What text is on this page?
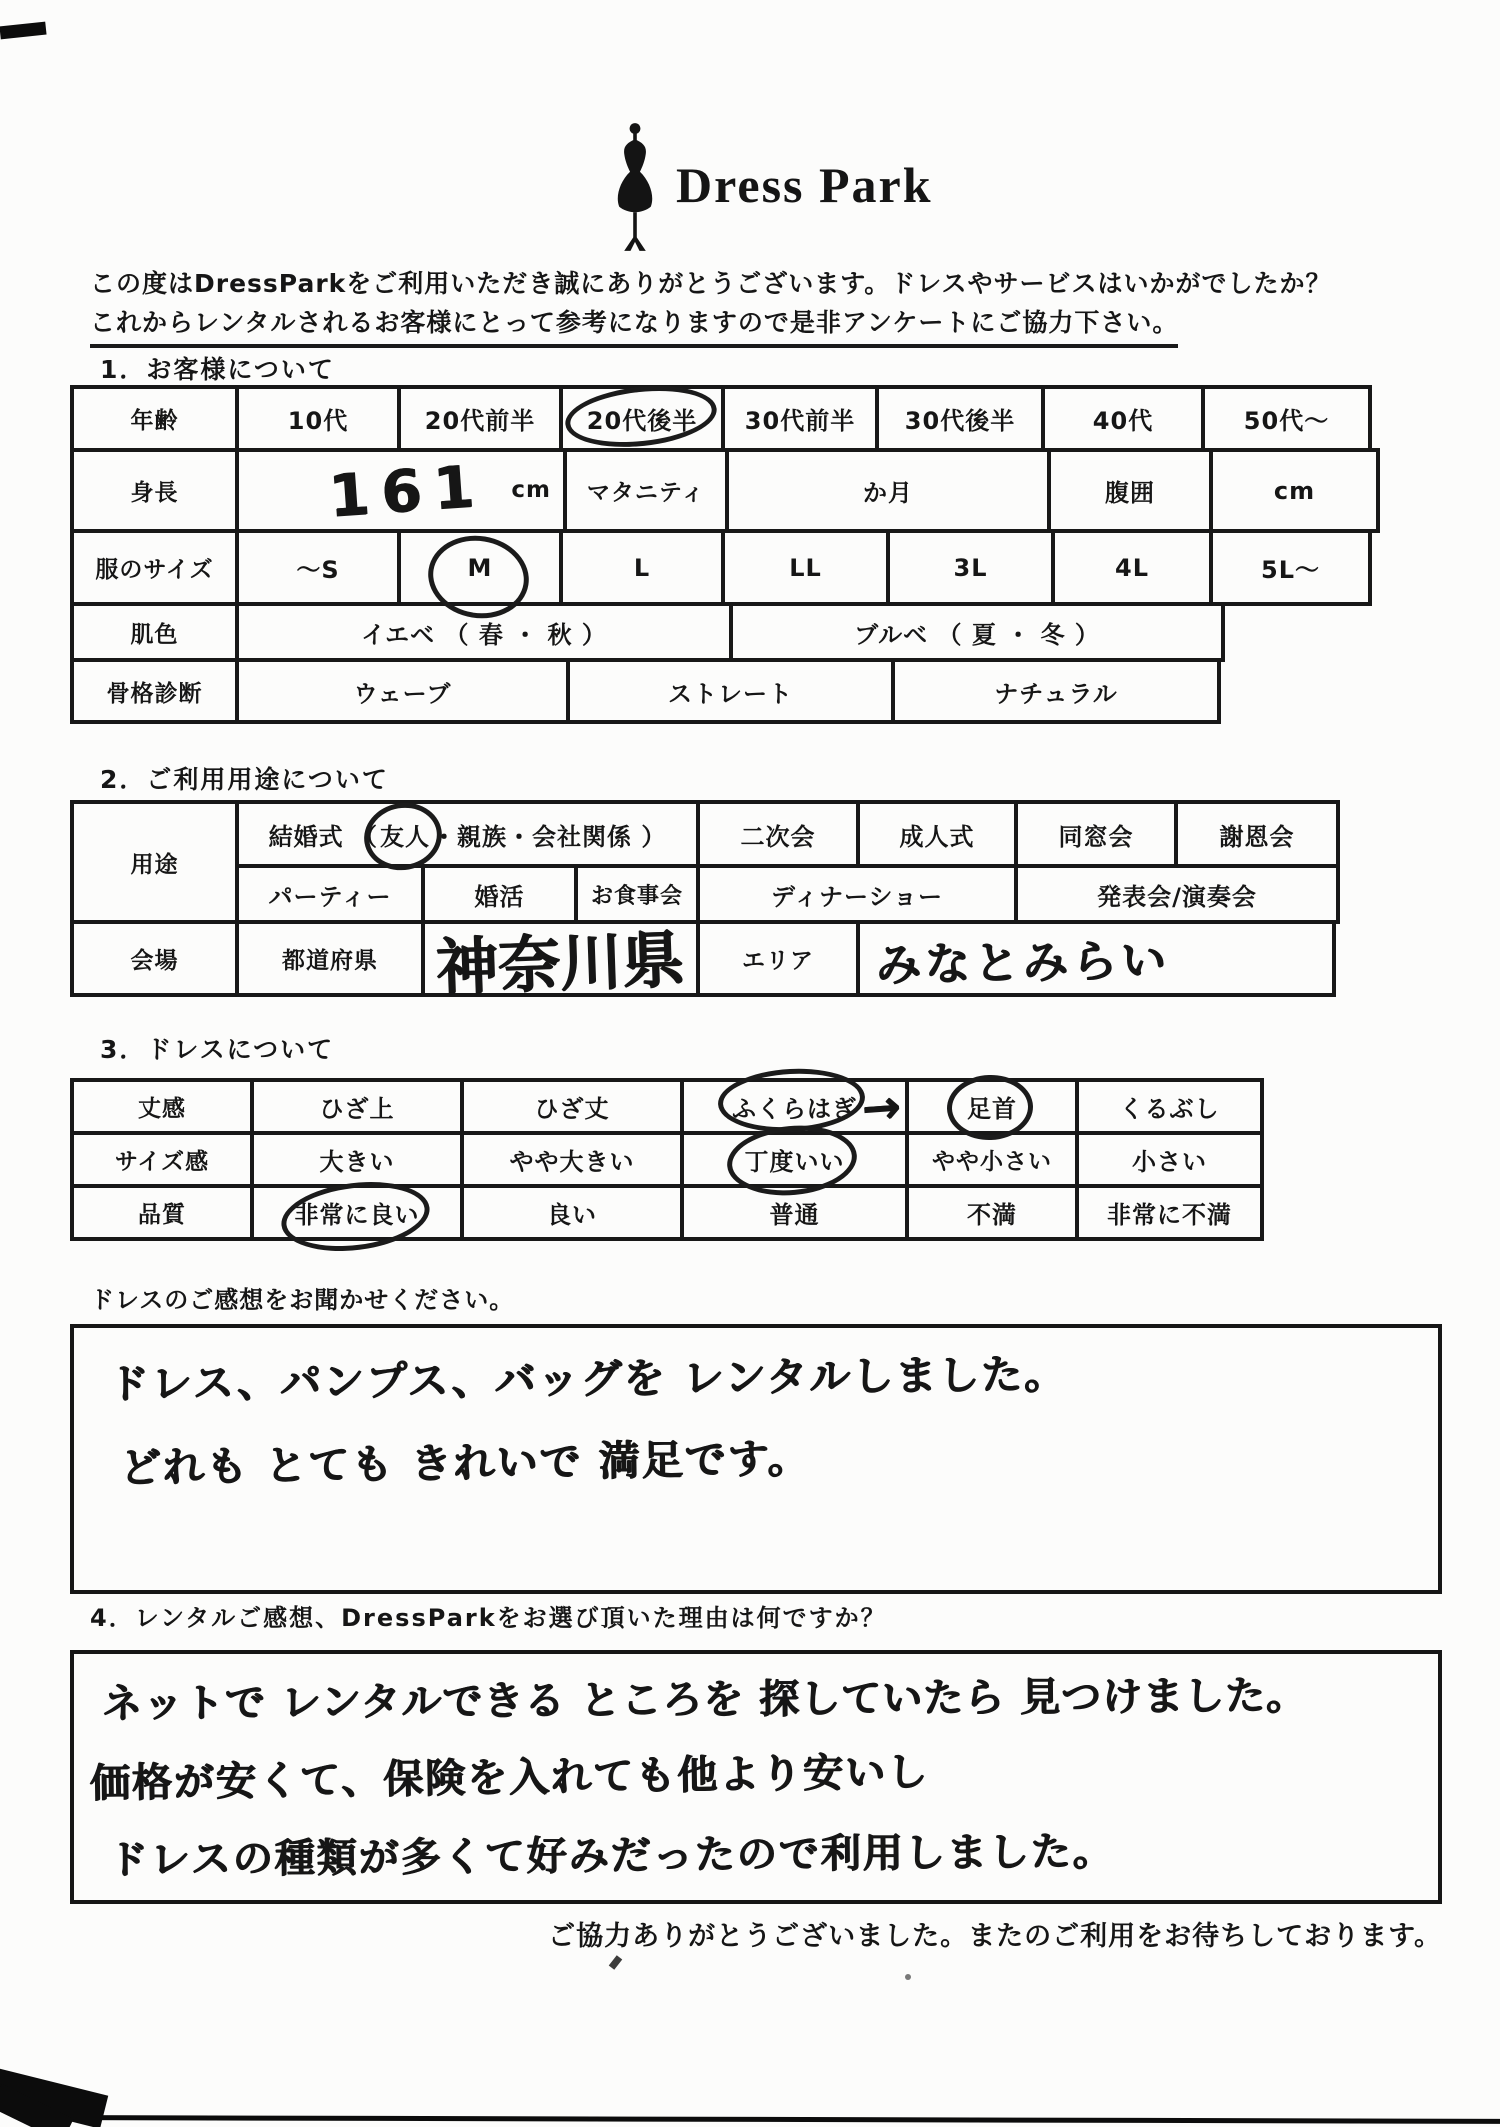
Dress Park
この度はDressParkをご利用いただき誠にありがとうございます。ドレスやサービスはいかがでしたか？
これからレンタルされるお客様にとって参考になりますので是非アンケートにご協力下さい。
1．お客様について
年齢	10代	20代前半	20代後半	30代前半	30代後半	40代	50代～
身長	161 cm	マタニティ	か月	腹囲	cm
服のサイズ	～S	M	L	LL	3L	4L	5L～
肌色	イエベ （ 春 ・ 秋 ）	ブルベ （ 夏 ・ 冬 ）
骨格診断	ウェーブ	ストレート	ナチュラル
2．ご利用用途について
用途
結婚式 （ 友人 ・親族・会社関係 ）	二次会	成人式	同窓会	謝恩会
パーティー	婚活	お食事会	ディナーショー	発表会/演奏会
会場	都道府県 神奈川県	エリア	みなとみらい
3．ドレスについて
丈感	ひざ上	ひざ丈	ふくらはぎ	足首	くるぶし
サイズ感	大きい	やや大きい	丁度いい	やや小さい	小さい
品質	非常に良い	良い	普通	不満	非常に不満
→
ドレスのご感想をお聞かせください。
ドレス、パンプス、バッグを レンタルしました。
どれも とても きれいで 満足です。
4．レンタルご感想、DressParkをお選び頂いた理由は何ですか？
ネットで レンタルできる ところを 探していたら 見つけました。
価格が安くて、保険を入れても他より安いし
ドレスの種類が多くて好みだったので利用しました。
ご協力ありがとうございました。またのご利用をお待ちしております。
